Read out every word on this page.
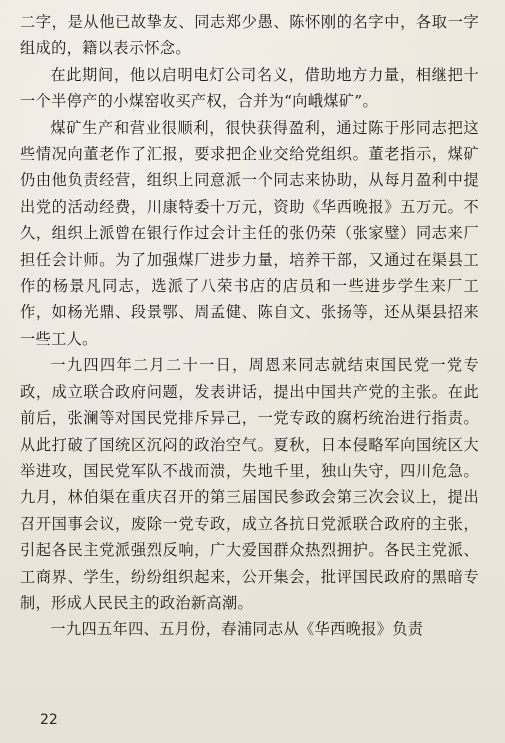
二字，是从他已故挚友、同志郑少愚、陈怀刚的名字中，各取一字组成的，籍以表示怀念。

在此期间，他以启明电灯公司名义，借助地方力量，相继把十一个半停产的小煤窑收买产权，合并为“向峨煤矿”。

煤矿生产和营业很顺利，很快获得盈利，通过陈于彤同志把这些情况向董老作了汇报，要求把企业交给党组织。董老指示，煤矿仍由他负责经营，组织上同意派一个同志来协助，从每月盈利中提出党的活动经费，川康特委十万元，资助《华西晚报》五万元。不久，组织上派曾在银行作过会计主任的张仍荣（张家璧）同志来厂担任会计师。为了加强煤厂进步力量，培养干部，又通过在渠县工作的杨景凡同志，选派了八荣书店的店员和一些进步学生来厂工作，如杨光鼎、段景鄂、周孟健、陈自文、张扬等，还从渠县招来一些工人。

一九四四年二月二十一日，周恩来同志就结束国民党一党专政，成立联合政府问题，发表讲话，提出中国共产党的主张。在此前后，张澜等对国民党排斥异己，一党专政的腐朽统治进行指责。从此打破了国统区沉闷的政治空气。夏秋，日本侵略军向国统区大举进攻，国民党军队不战而溃，失地千里，独山失守，四川危急。九月，林伯渠在重庆召开的第三届国民参政会第三次会议上，提出召开国事会议，废除一党专政，成立各抗日党派联合政府的主张，引起各民主党派强烈反响，广大爱国群众热烈拥护。各民主党派、工商界、学生，纷纷组织起来，公开集会，批评国民政府的黑暗专制，形成人民民主的政治新高潮。

一九四五年四、五月份，春浦同志从《华西晚报》负责

22
